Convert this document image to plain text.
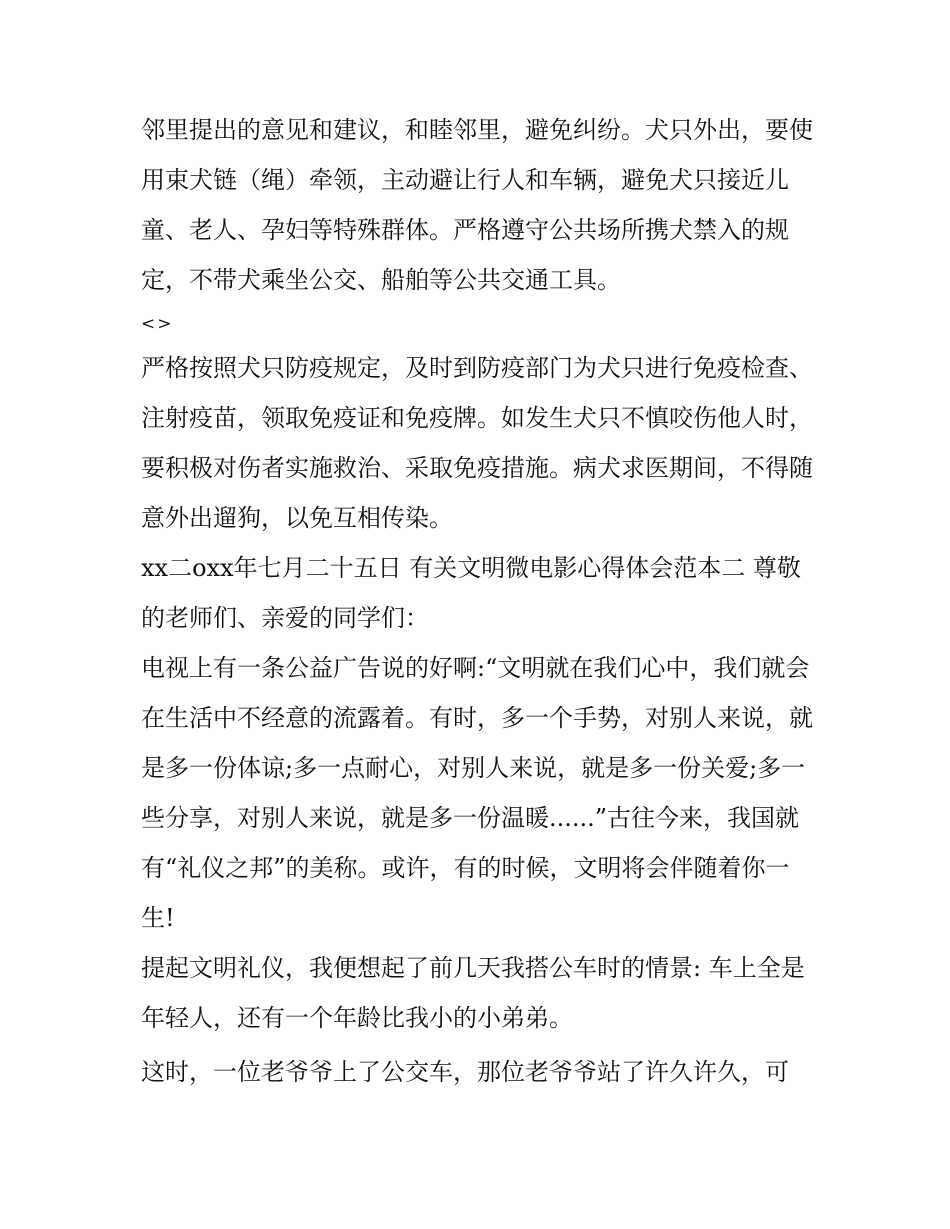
邻里提出的意见和建议，和睦邻里，避免纠纷。犬只外出，要使用束犬链（绳）牵领，主动避让行人和车辆，避免犬只接近儿童、老人、孕妇等特殊群体。严格遵守公共场所携犬禁入的规定，不带犬乘坐公交、船舶等公共交通工具。

<>

严格按照犬只防疫规定，及时到防疫部门为犬只进行免疫检查、注射疫苗，领取免疫证和免疫牌。如发生犬只不慎咬伤他人时，要积极对伤者实施救治、采取免疫措施。病犬求医期间，不得随意外出遛狗，以免互相传染。

xx二oxx年七月二十五日 有关文明微电影心得体会范本二 尊敬的老师们、亲爱的同学们：

电视上有一条公益广告说的好啊:“文明就在我们心中，我们就会在生活中不经意的流露着。有时，多一个手势，对别人来说，就是多一份体谅;多一点耐心，对别人来说，就是多一份关爱;多一些分享，对别人来说，就是多一份温暖......”古往今来，我国就有“礼仪之邦”的美称。或许，有的时候，文明将会伴随着你一生!

提起文明礼仪，我便想起了前几天我搭公车时的情景: 车上全是年轻人，还有一个年龄比我小的小弟弟。

这时，一位老爷爷上了公交车，那位老爷爷站了许久许久，可
